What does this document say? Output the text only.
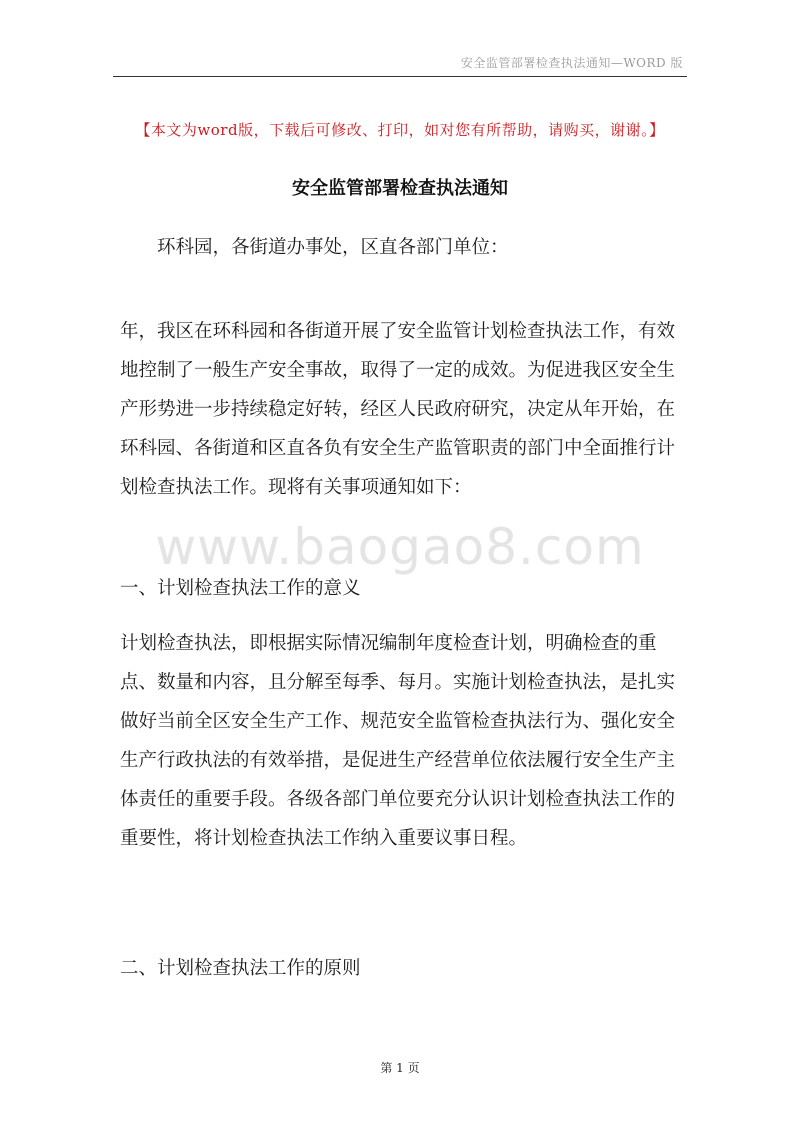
安全监管部署检查执法通知—WORD 版
【本文为word版，下载后可修改、打印，如对您有所帮助，请购买，谢谢。】
安全监管部署检查执法通知

环科园，各街道办事处，区直各部门单位：

年，我区在环科园和各街道开展了安全监管计划检查执法工作，有效地控制了一般生产安全事故，取得了一定的成效。为促进我区安全生产形势进一步持续稳定好转，经区人民政府研究，决定从年开始，在环科园、各街道和区直各负有安全生产监管职责的部门中全面推行计划检查执法工作。现将有关事项通知如下：

www.baogao8.com

一、计划检查执法工作的意义

计划检查执法，即根据实际情况编制年度检查计划，明确检查的重点、数量和内容，且分解至每季、每月。实施计划检查执法，是扎实做好当前全区安全生产工作、规范安全监管检查执法行为、强化安全生产行政执法的有效举措，是促进生产经营单位依法履行安全生产主体责任的重要手段。各级各部门单位要充分认识计划检查执法工作的重要性，将计划检查执法工作纳入重要议事日程。

二、计划检查执法工作的原则

第 1 页
